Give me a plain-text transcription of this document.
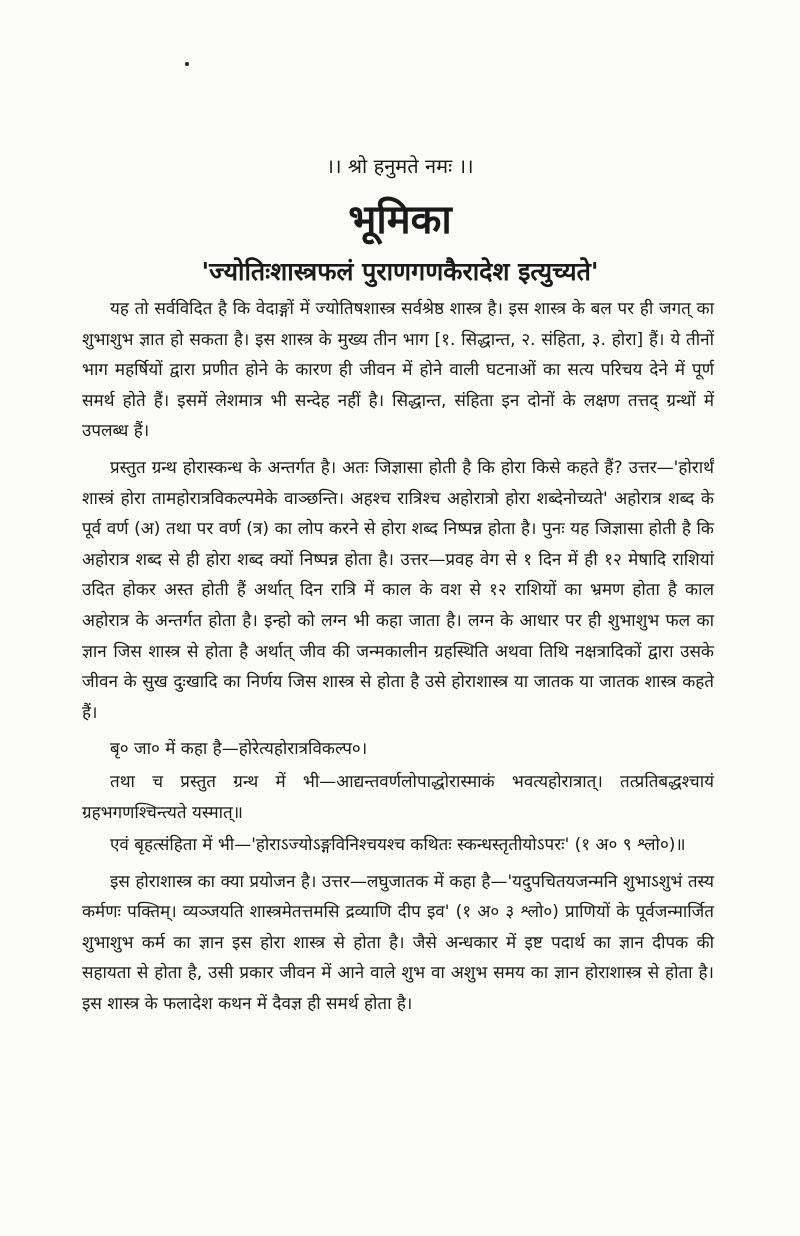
।। श्रो हनुमते नमः ।।
भूमिका
'ज्योतिःशास्त्रफलं पुराणगणकैरादेश इत्युच्यते'

यह तो सर्वविदित है कि वेदाङ्गों में ज्योतिषशास्त्र सर्वश्रेष्ठ शास्त्र है। इस शास्त्र के बल पर ही जगत् का शुभाशुभ ज्ञात हो सकता है। इस शास्त्र के मुख्य तीन भाग [१. सिद्धान्त, २. संहिता, ३. होरा] हैं। ये तीनों भाग महर्षियों द्वारा प्रणीत होने के कारण ही जीवन में होने वाली घटनाओं का सत्य परिचय देने में पूर्ण समर्थ होते हैं। इसमें लेशमात्र भी सन्देह नहीं है। सिद्धान्त, संहिता इन दोनों के लक्षण तत्तद् ग्रन्थों में उपलब्ध हैं।

प्रस्तुत ग्रन्थ होरास्कन्ध के अन्तर्गत है। अतः जिज्ञासा होती है कि होरा किसे कहते हैं? उत्तर—'होरार्थं शास्त्रं होरा तामहोरात्रविकल्पमेके वाञ्छन्ति। अहश्च रात्रिश्च अहोरात्रो होरा शब्देनोच्यते' अहोरात्र शब्द के पूर्व वर्ण (अ) तथा पर वर्ण (त्र) का लोप करने से होरा शब्द निष्पन्न होता है। पुनः यह जिज्ञासा होती है कि अहोरात्र शब्द से ही होरा शब्द क्यों निष्पन्न होता है। उत्तर—प्रवह वेग से १ दिन में ही १२ मेषादि राशियां उदित होकर अस्त होती हैं अर्थात् दिन रात्रि में काल के वश से १२ राशियों का भ्रमण होता है काल अहोरात्र के अन्तर्गत होता है। इन्हो को लग्न भी कहा जाता है। लग्न के आधार पर ही शुभाशुभ फल का ज्ञान जिस शास्त्र से होता है अर्थात् जीव की जन्मकालीन ग्रहस्थिति अथवा तिथि नक्षत्रादिकों द्वारा उसके जीवन के सुख दुःखादि का निर्णय जिस शास्त्र से होता है उसे होराशास्त्र या जातक या जातक शास्त्र कहते हैं।

बृ० जा० में कहा है—होरेत्यहोरात्रविकल्प०।

तथा च प्रस्तुत ग्रन्थ में भी—आद्यन्तवर्णलोपाद्धोरास्माकं भवत्यहोरात्रात्। तत्प्रतिबद्धश्चायं ग्रहभगणश्चिन्त्यते यस्मात्॥

एवं बृहत्संहिता में भी—'होराऽज्योऽङ्गविनिश्चयश्च कथितः स्कन्धस्तृतीयोऽपरः' (१ अ० ९ श्लो०)॥

इस होराशास्त्र का क्या प्रयोजन है। उत्तर—लघुजातक में कहा है—'यदुपचितयजन्मनि शुभाऽशुभं तस्य कर्मणः पक्तिम्। व्यञ्जयति शास्त्रमेतत्तमसि द्रव्याणि दीप इव' (१ अ० ३ श्लो०) प्राणियों के पूर्वजन्मार्जित शुभाशुभ कर्म का ज्ञान इस होरा शास्त्र से होता है। जैसे अन्धकार में इष्ट पदार्थ का ज्ञान दीपक की सहायता से होता है, उसी प्रकार जीवन में आने वाले शुभ वा अशुभ समय का ज्ञान होराशास्त्र से होता है। इस शास्त्र के फलादेश कथन में दैवज्ञ ही समर्थ होता है।
